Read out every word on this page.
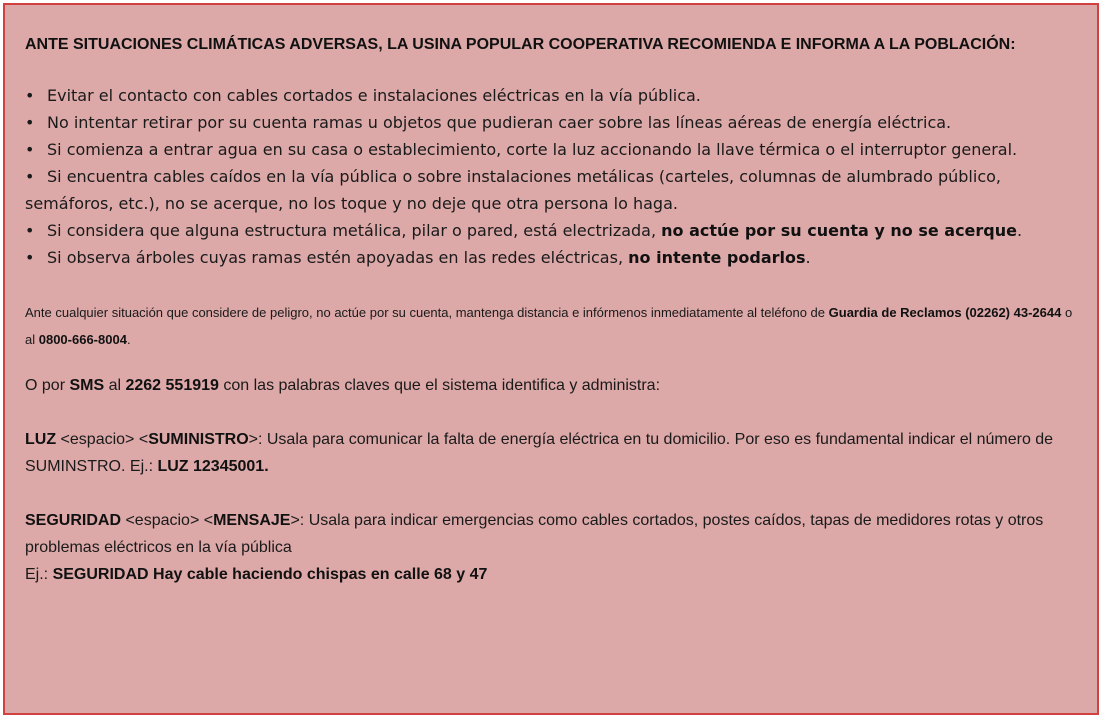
ANTE SITUACIONES CLIMÁTICAS ADVERSAS, LA USINA POPULAR COOPERATIVA RECOMIENDA E INFORMA A LA POBLACIÓN:
• Evitar el contacto con cables cortados e instalaciones eléctricas en la vía pública.
• No intentar retirar por su cuenta ramas u objetos que pudieran caer sobre las líneas aéreas de energía eléctrica.
• Si comienza a entrar agua en su casa o establecimiento, corte la luz accionando la llave térmica o el interruptor general.
• Si encuentra cables caídos en la vía pública o sobre instalaciones metálicas (carteles, columnas de alumbrado público, semáforos, etc.), no se acerque, no los toque y no deje que otra persona lo haga.
• Si considera que alguna estructura metálica, pilar o pared, está electrizada, no actúe por su cuenta y no se acerque.
• Si observa árboles cuyas ramas estén apoyadas en las redes eléctricas, no intente podarlos.

Ante cualquier situación que considere de peligro, no actúe por su cuenta, mantenga distancia e infórmenos inmediatamente al teléfono de Guardia de Reclamos (02262) 43-2644 o al 0800-666-8004.

O por SMS al 2262 551919 con las palabras claves que el sistema identifica y administra:

LUZ <espacio> <SUMINISTRO>: Usala para comunicar la falta de energía eléctrica en tu domicilio. Por eso es fundamental indicar el número de SUMINSTRO. Ej.: LUZ 12345001.

SEGURIDAD <espacio> <MENSAJE>: Usala para indicar emergencias como cables cortados, postes caídos, tapas de medidores rotas y otros problemas eléctricos en la vía pública
Ej.: SEGURIDAD Hay cable haciendo chispas en calle 68 y 47
